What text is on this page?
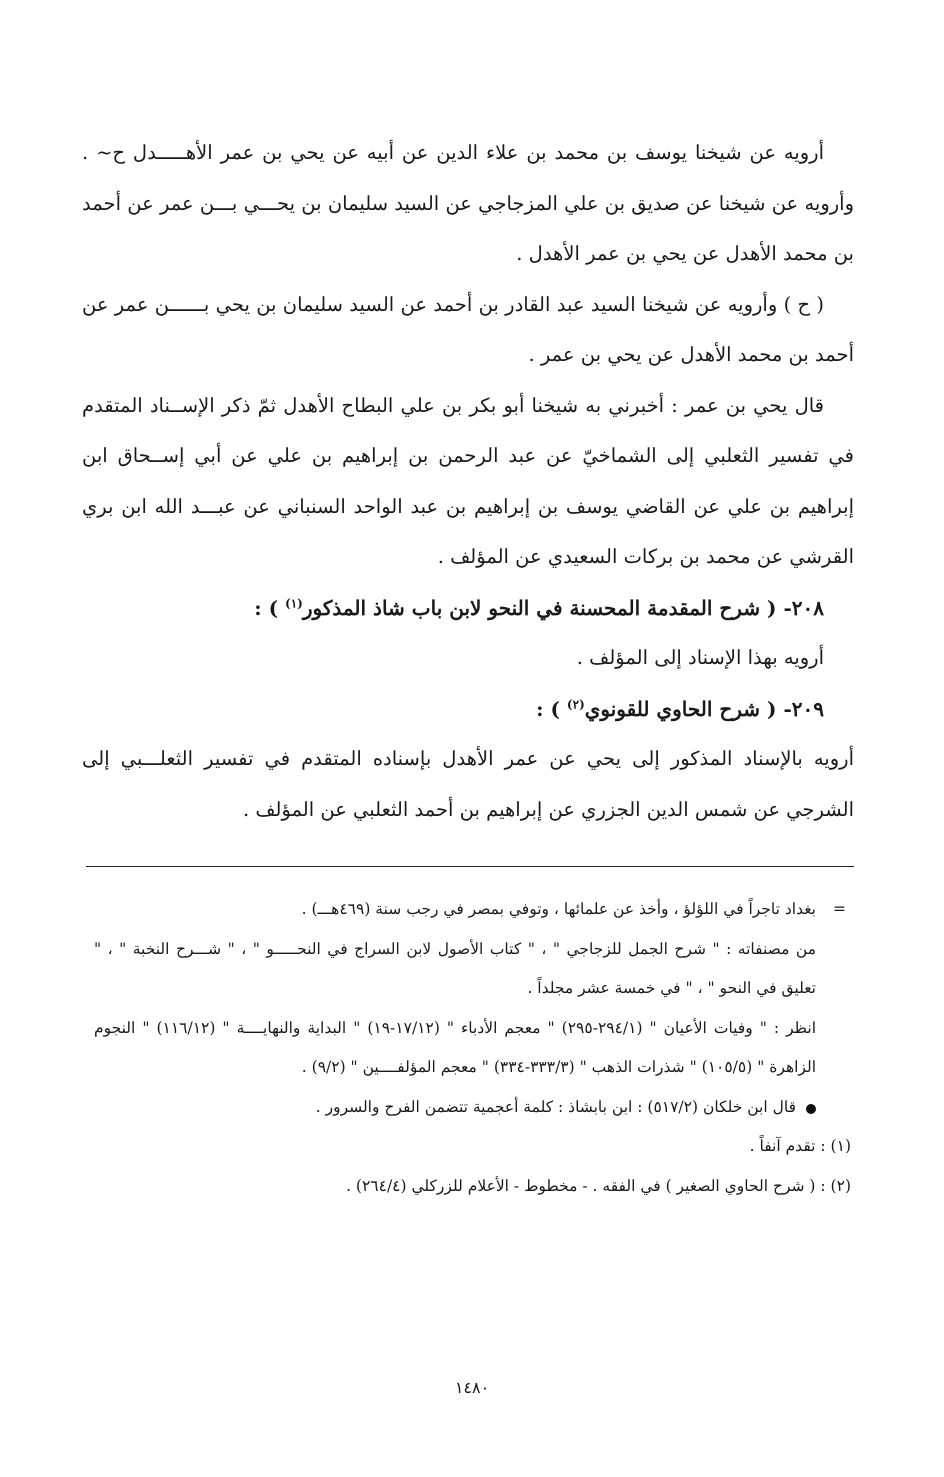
أرويه عن شيخنا يوسف بن محمد بن علاء الدين عن أبيه عن يحي بن عمر الأهـــــدل ح~ . وأرويه عن شيخنا عن صديق بن علي المزجاجي عن السيد سليمان بن يحـــي بـــن عمر عن أحمد بن محمد الأهدل عن يحي بن عمر الأهدل .

( ح ) وأرويه عن شيخنا السيد عبد القادر بن أحمد عن السيد سليمان بن يحي بــــــن عمر عن أحمد بن محمد الأهدل عن يحي بن عمر .

قال يحي بن عمر : أخبرني به شيخنا أبو بكر بن علي البطاح الأهدل ثمّ ذكر الإســناد المتقدم في تفسير الثعلبي إلى الشماخيّ عن عبد الرحمن بن إبراهيم بن علي عن أبي إســحاق ابن إبراهيم بن علي عن القاضي يوسف بن إبراهيم بن عبد الواحد السنباني عن عبـــد الله ابن بري القرشي عن محمد بن بركات السعيدي عن المؤلف .

٢٠٨- ( شرح المقدمة المحسنة في النحو لابن باب شاذ المذكور$^{(١)}$ ) :

أرويه بهذا الإسناد إلى المؤلف .

٢٠٩- ( شرح الحاوي للقونوي$^{(٢)}$ ) :

أرويه بالإسناد المذكور إلى يحي عن عمر الأهدل بإسناده المتقدم في تفسير الثعلـــبي إلى الشرجي عن شمس الدين الجزري عن إبراهيم بن أحمد الثعلبي عن المؤلف .

=
بغداد تاجراً في اللؤلؤ ، وأخذ عن علمائها ، وتوفي بمصر في رجب سنة (٤٦٩هـــ) .

من مصنفاته : " شرح الجمل للزجاجي " ، " كتاب الأصول لابن السراج في النحـــــو " ، " شـــرح النخبة " ، " تعليق في النحو " ، " في خمسة عشر مجلداً .

انظر : " وفيات الأعيان " (٢٩٤/١-٢٩٥) " معجم الأدباء " (١٧/١٢-١٩) " البداية والنهايــــة " (١١٦/١٢) " النجوم الزاهرة " (١٠٥/٥) " شذرات الذهب " (٣٣٣/٣-٣٣٤) " معجم المؤلفــــين " (٩/٢) .

قال ابن خلكان (٥١٧/٢) : ابن بابشاذ : كلمة أعجمية تتضمن الفرح والسرور .

(١) : تقدم آنفاً .

(٢) : ( شرح الحاوي الصغير ) في الفقه . - مخطوط - الأعلام للزركلي (٢٦٤/٤) .

١٤٨٠
